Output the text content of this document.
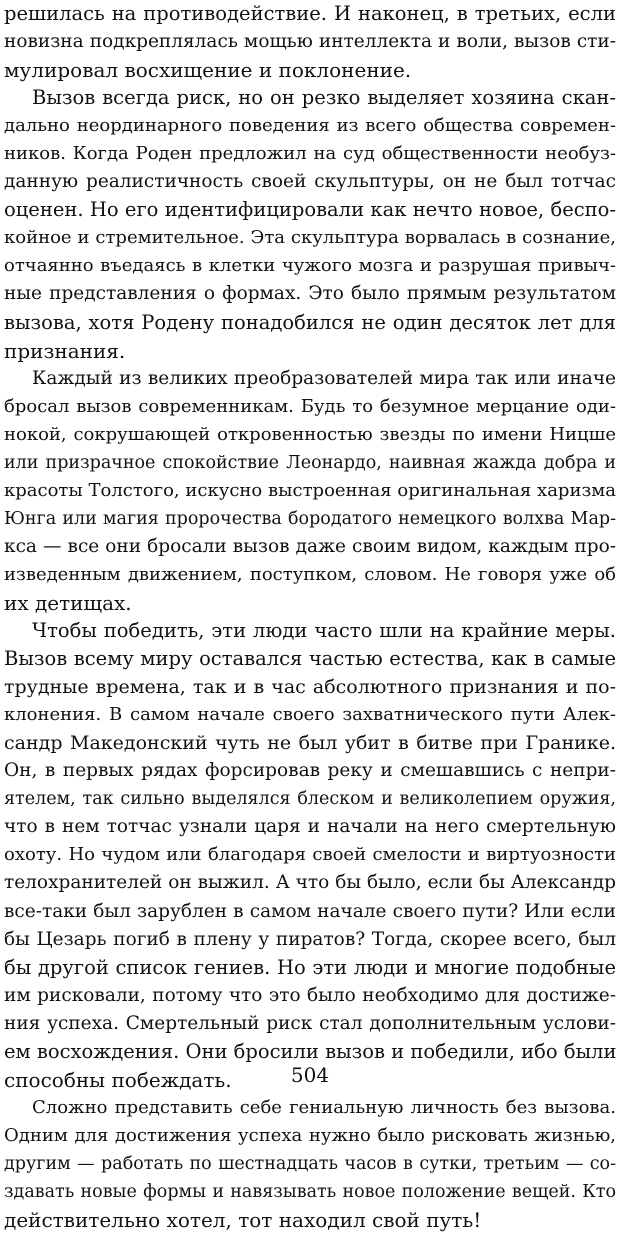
решилась на противодействие. И наконец, в третьих, если
новизна подкреплялась мощью интеллекта и воли, вызов сти-
мулировал восхищение и поклонение.
Вызов всегда риск, но он резко выделяет хозяина скан-
дально неординарного поведения из всего общества современ-
ников. Когда Роден предложил на суд общественности необуз-
данную реалистичность своей скульптуры, он не был тотчас
оценен. Но его идентифицировали как нечто новое, беспо-
койное и стремительное. Эта скульптура ворвалась в сознание,
отчаянно въедаясь в клетки чужого мозга и разрушая привыч-
ные представления о формах. Это было прямым результатом
вызова, хотя Родену понадобился не один десяток лет для
признания.
Каждый из великих преобразователей мира так или иначе
бросал вызов современникам. Будь то безумное мерцание оди-
нокой, сокрушающей откровенностью звезды по имени Ницше
или призрачное спокойствие Леонардо, наивная жажда добра и
красоты Толстого, искусно выстроенная оригинальная харизма
Юнга или магия пророчества бородатого немецкого волхва Мар-
кса — все они бросали вызов даже своим видом, каждым про-
изведенным движением, поступком, словом. Не говоря уже об
их детищах.
Чтобы победить, эти люди часто шли на крайние меры.
Вызов всему миру оставался частью естества, как в самые
трудные времена, так и в час абсолютного признания и по-
клонения. В самом начале своего захватнического пути Алек-
сандр Македонский чуть не был убит в битве при Гранике.
Он, в первых рядах форсировав реку и смешавшись с непри-
ятелем, так сильно выделялся блеском и великолепием оружия,
что в нем тотчас узнали царя и начали на него смертельную
охоту. Но чудом или благодаря своей смелости и виртуозности
телохранителей он выжил. А что бы было, если бы Александр
все-таки был зарублен в самом начале своего пути? Или если
бы Цезарь погиб в плену у пиратов? Тогда, скорее всего, был
бы другой список гениев. Но эти люди и многие подобные
им рисковали, потому что это было необходимо для достиже-
ния успеха. Смертельный риск стал дополнительным услови-
ем восхождения. Они бросили вызов и победили, ибо были
способны побеждать.
Сложно представить себе гениальную личность без вызова.
Одним для достижения успеха нужно было рисковать жизнью,
другим — работать по шестнадцать часов в сутки, третьим — со-
здавать новые формы и навязывать новое положение вещей. Кто
действительно хотел, тот находил свой путь!
504
